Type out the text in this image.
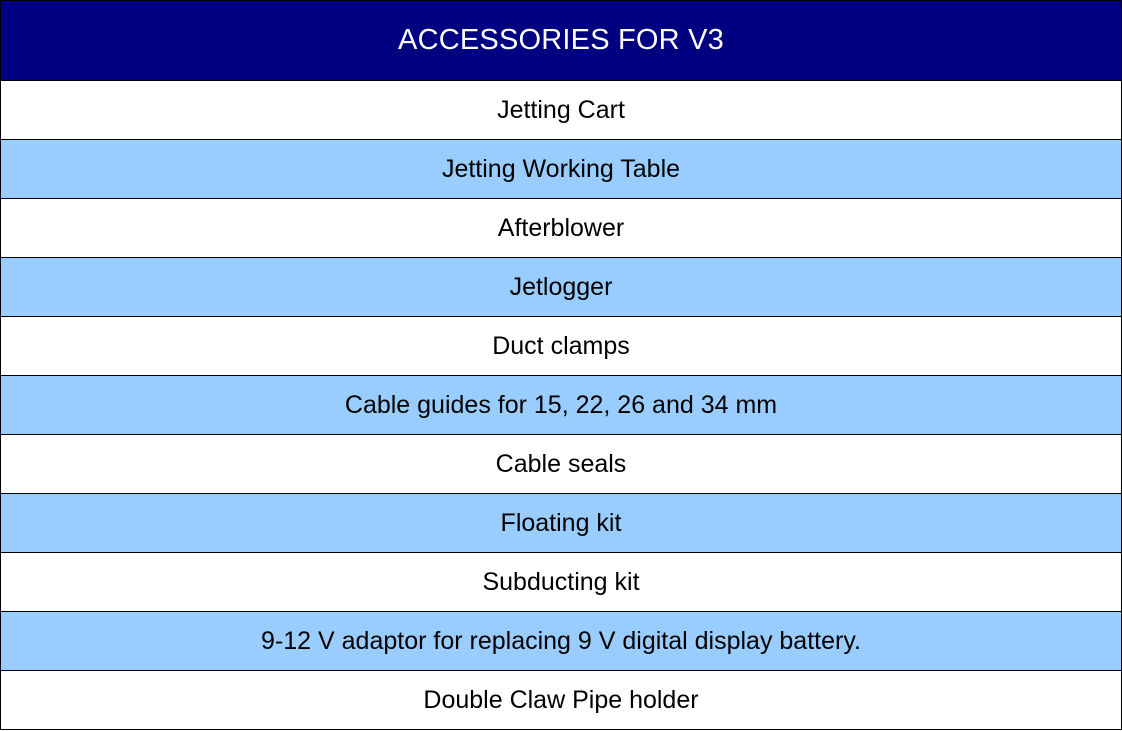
ACCESSORIES FOR V3
Jetting Cart
Jetting Working Table
Afterblower
Jetlogger
Duct clamps
Cable guides for 15, 22, 26 and 34 mm
Cable seals
Floating kit
Subducting kit
9-12 V adaptor for replacing 9 V digital display battery.
Double Claw Pipe holder
